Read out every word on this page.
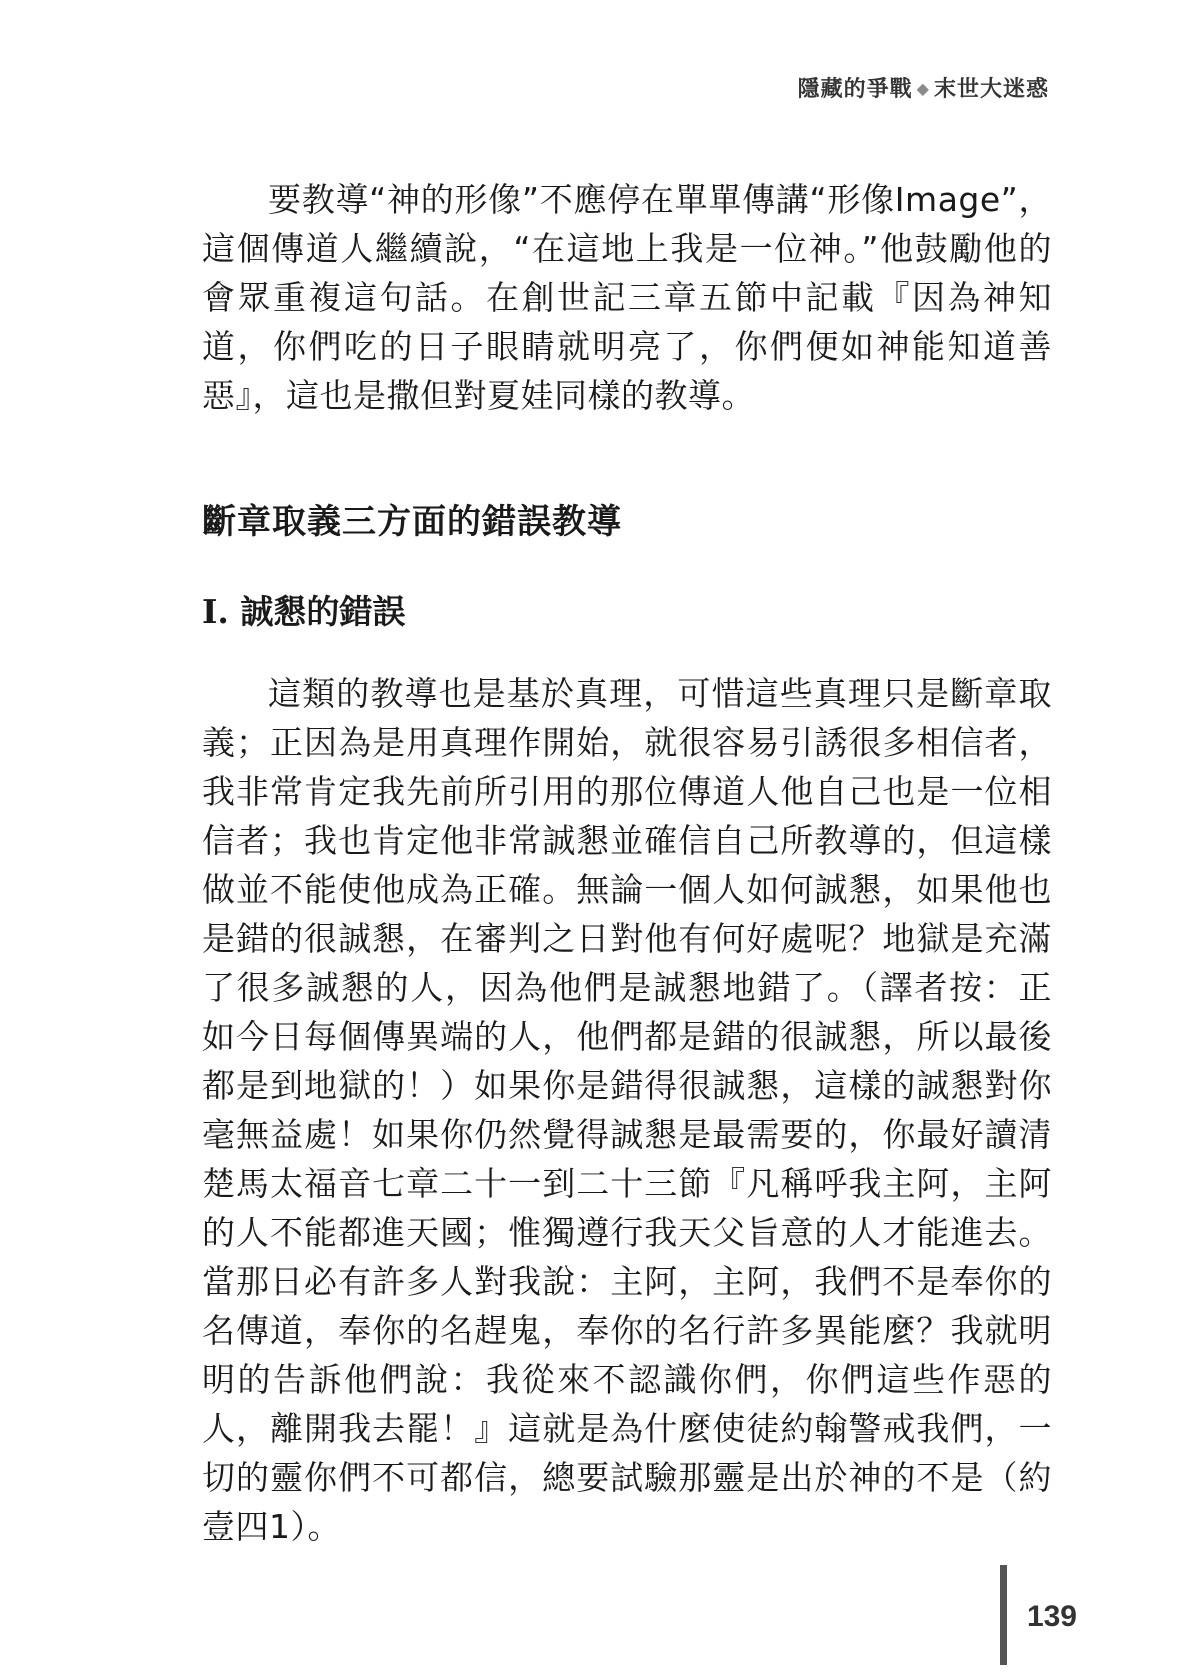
隱藏的爭戰 ◆ 末世大迷惑

要教導“神的形像”不應停在單單傳講“形像Image”，這個傳道人繼續說，“在這地上我是一位神。”他鼓勵他的會眾重複這句話。在創世記三章五節中記載『因為神知道，你們吃的日子眼睛就明亮了，你們便如神能知道善惡』，這也是撒但對夏娃同樣的教導。

斷章取義三方面的錯誤教導
I. 誠懇的錯誤

這類的教導也是基於真理，可惜這些真理只是斷章取義；正因為是用真理作開始，就很容易引誘很多相信者，我非常肯定我先前所引用的那位傳道人他自己也是一位相信者；我也肯定他非常誠懇並確信自己所教導的，但這樣做並不能使他成為正確。無論一個人如何誠懇，如果他也是錯的很誠懇，在審判之日對他有何好處呢？地獄是充滿了很多誠懇的人，因為他們是誠懇地錯了。（譯者按：正如今日每個傳異端的人，他們都是錯的很誠懇，所以最後都是到地獄的！）如果你是錯得很誠懇，這樣的誠懇對你毫無益處！如果你仍然覺得誠懇是最需要的，你最好讀清楚馬太福音七章二十一到二十三節『凡稱呼我主阿，主阿的人不能都進天國；惟獨遵行我天父旨意的人才能進去。當那日必有許多人對我說：主阿，主阿，我們不是奉你的名傳道，奉你的名趕鬼，奉你的名行許多異能麼？我就明明的告訴他們說：我從來不認識你們，你們這些作惡的人，離開我去罷！』這就是為什麼使徒約翰警戒我們，一切的靈你們不可都信，總要試驗那靈是出於神的不是（約壹四1）。

139
